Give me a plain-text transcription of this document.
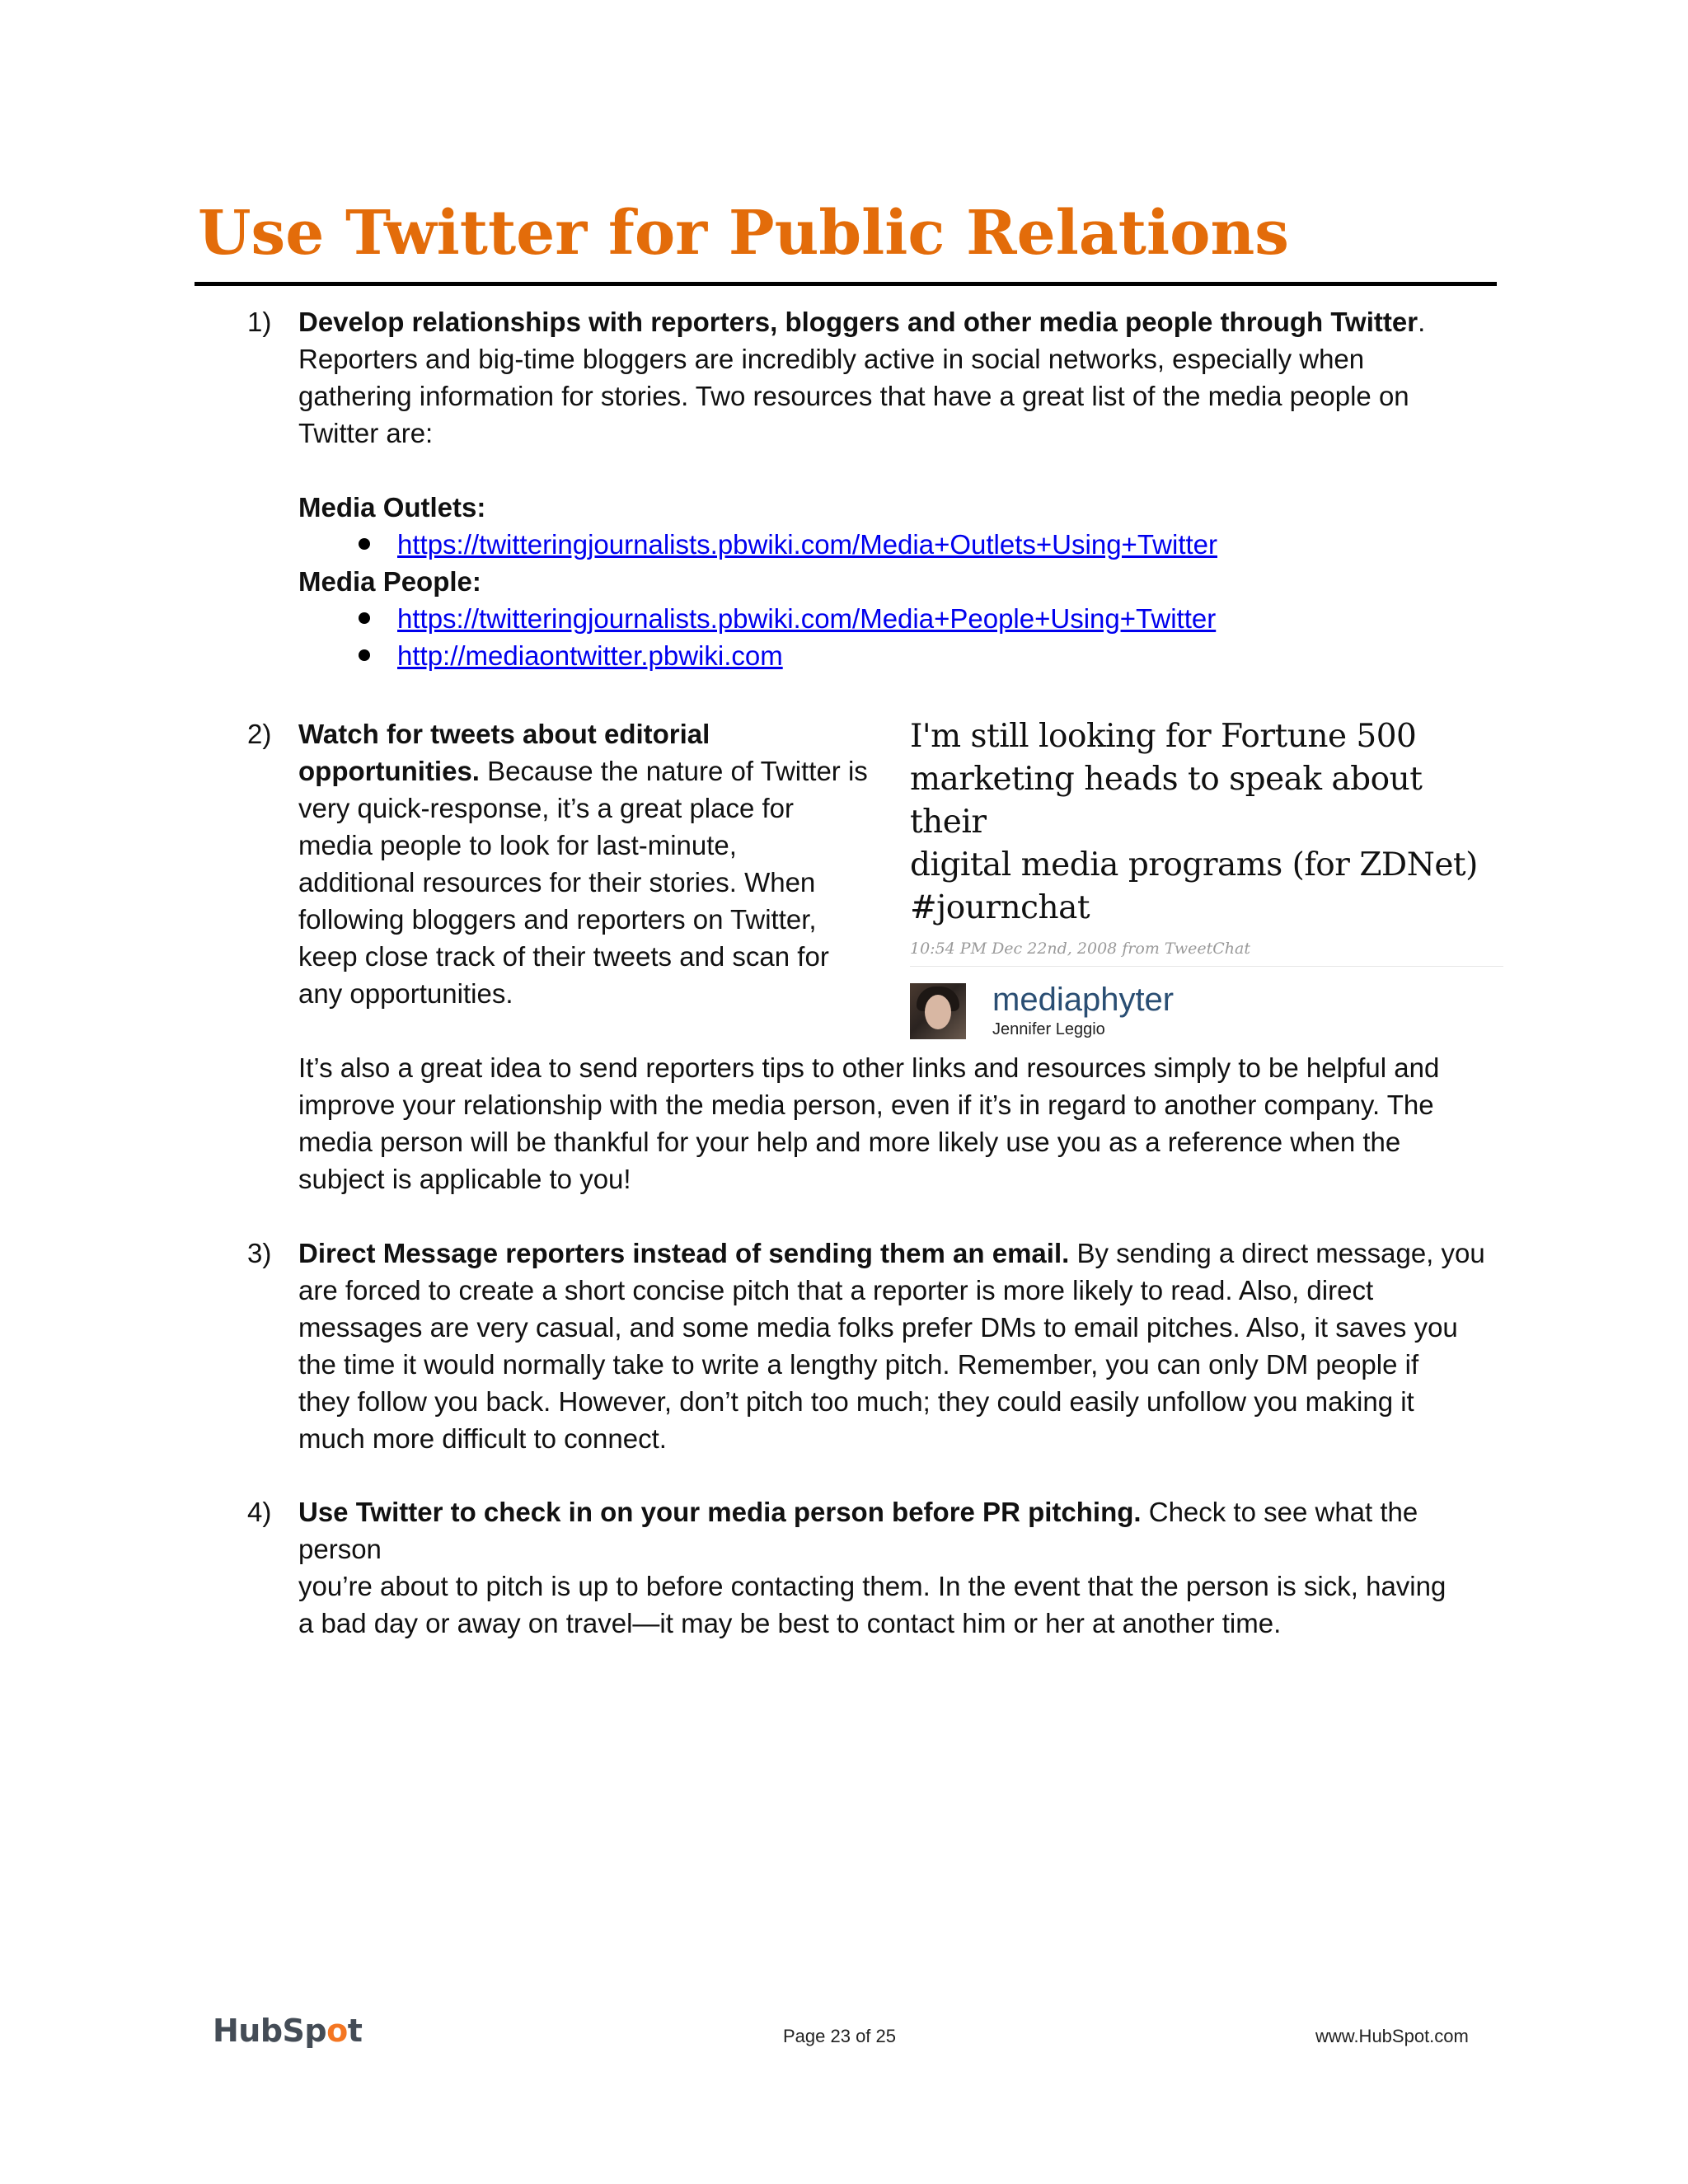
Use Twitter for Public Relations
1) Develop relationships with reporters, bloggers and other media people through Twitter.

Reporters and big-time bloggers are incredibly active in social networks, especially when

gathering information for stories. Two resources that have a great list of the media people on

Twitter are:

Media Outlets:

https://twitteringjournalists.pbwiki.com/Media+Outlets+Using+Twitter

Media People:

https://twitteringjournalists.pbwiki.com/Media+People+Using+Twitter
http://mediaontwitter.pbwiki.com
2) Watch for tweets about editorial

opportunities. Because the nature of Twitter is

very quick-response, it’s a great place for

media people to look for last-minute,

additional resources for their stories. When

following bloggers and reporters on Twitter,

keep close track of their tweets and scan for

any opportunities.

It’s also a great idea to send reporters tips to other links and resources simply to be helpful and

improve your relationship with the media person, even if it’s in regard to another company. The

media person will be thankful for your help and more likely use you as a reference when the

subject is applicable to you!

I'm still looking for Fortune 500
marketing heads to speak about their
digital media programs (for ZDNet)
#journchat
10:54 PM Dec 22nd, 2008 from TweetChat
mediaphyter
Jennifer Leggio
3) Direct Message reporters instead of sending them an email. By sending a direct message, you

are forced to create a short concise pitch that a reporter is more likely to read. Also, direct

messages are very casual, and some media folks prefer DMs to email pitches. Also, it saves you

the time it would normally take to write a lengthy pitch. Remember, you can only DM people if

they follow you back. However, don’t pitch too much; they could easily unfollow you making it

much more difficult to connect.

4) Use Twitter to check in on your media person before PR pitching. Check to see what the person

you’re about to pitch is up to before contacting them. In the event that the person is sick, having

a bad day or away on travel—it may be best to contact him or her at another time.

HubSpot	Page 23 of 25	www.HubSpot.com
